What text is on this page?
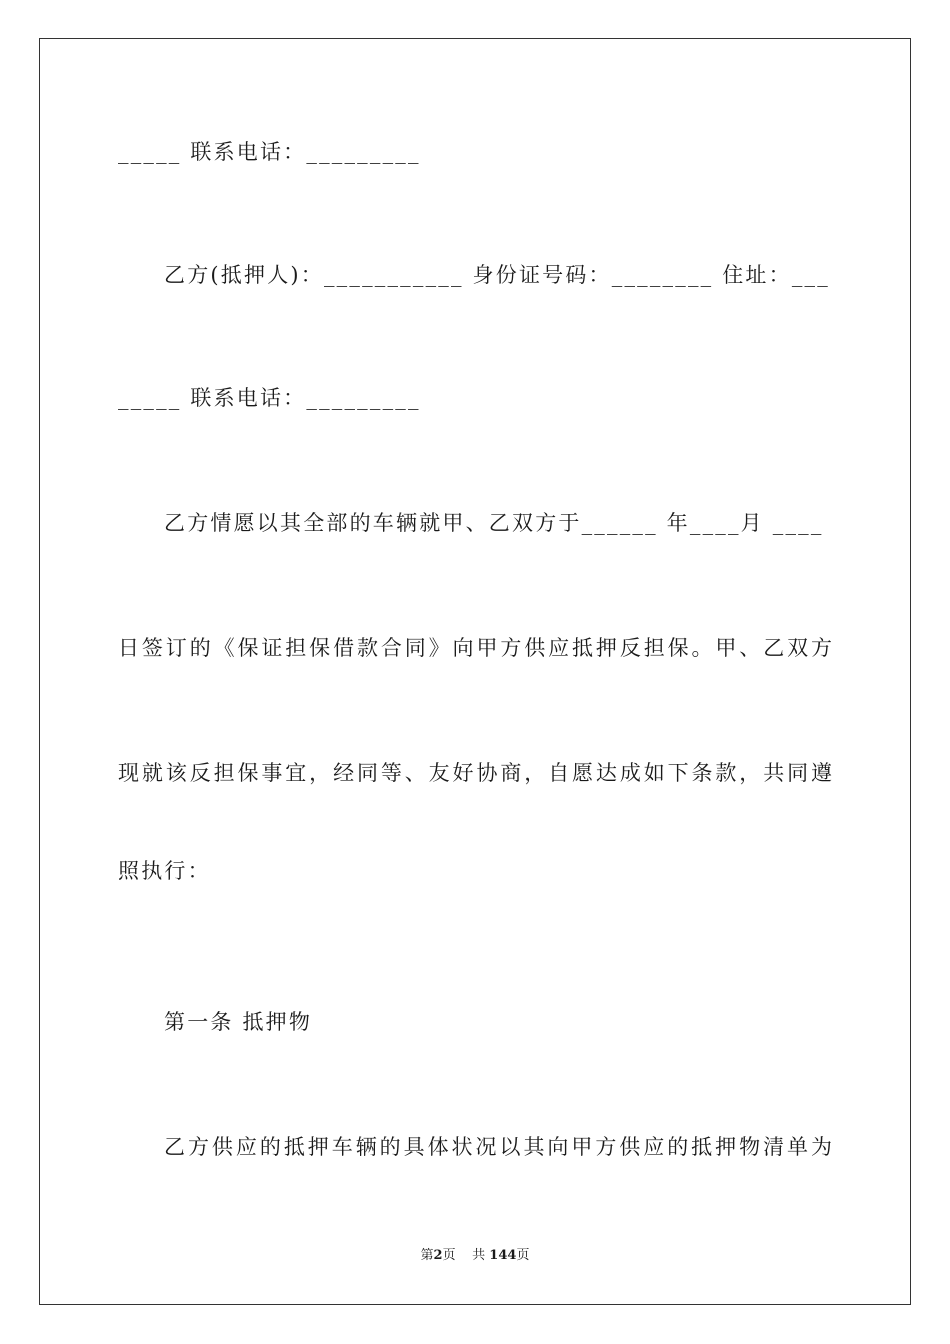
_____ 联系电话：_________
乙方(抵押人)：___________ 身份证号码：________ 住址：___
_____ 联系电话：_________
乙方情愿以其全部的车辆就甲、乙双方于______ 年____月 ____
日签订的《保证担保借款合同》向甲方供应抵押反担保。甲、乙双方
现就该反担保事宜，经同等、友好协商，自愿达成如下条款，共同遵
照执行：
第一条 抵押物
乙方供应的抵押车辆的具体状况以其向甲方供应的抵押物清单为
第2页 共 144页
